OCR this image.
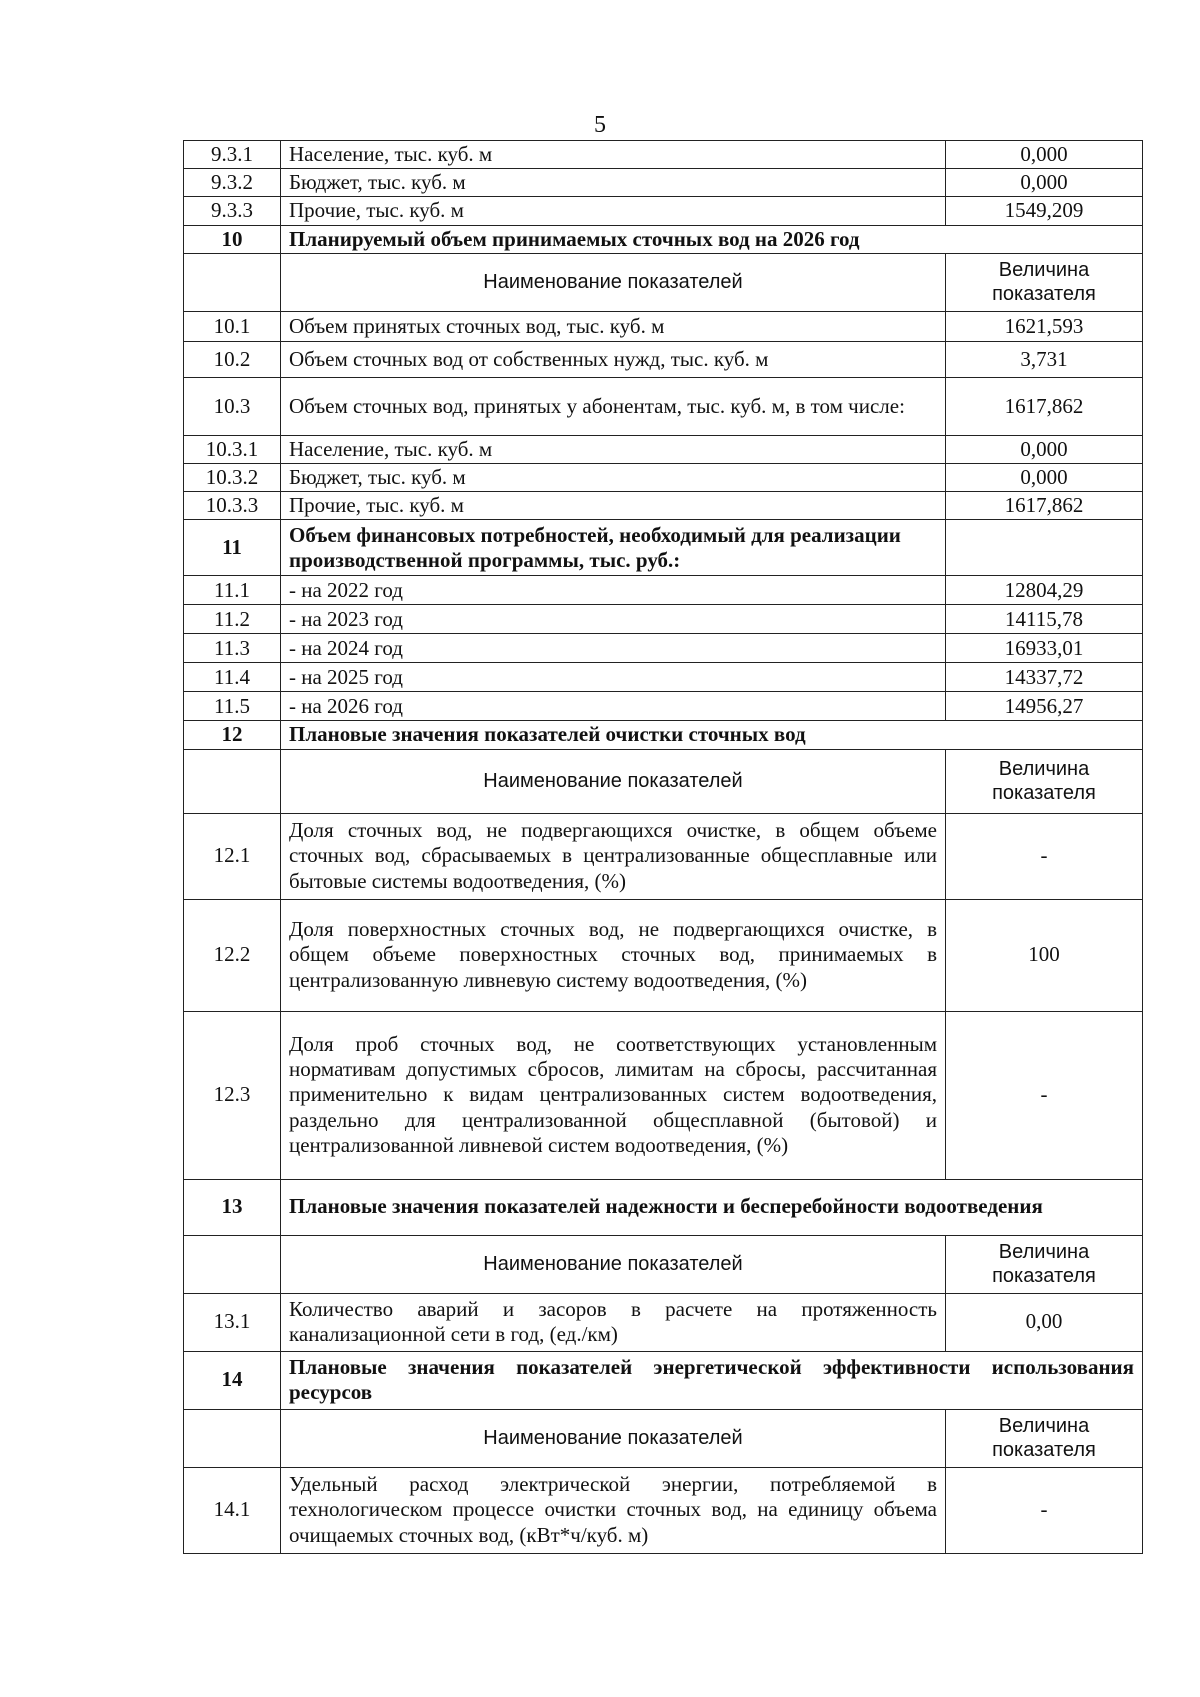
5
9.3.1	Население, тыс. куб. м	0,000
9.3.2	Бюджет, тыс. куб. м	0,000
9.3.3	Прочие, тыс. куб. м	1549,209
10	Планируемый объем принимаемых сточных вод на 2026 год	
	Наименование показателей	Величина показателя
10.1	Объем принятых сточных вод, тыс. куб. м	1621,593
10.2	Объем сточных вод от собственных нужд, тыс. куб. м	3,731
10.3	Объем сточных вод, принятых у абонентам, тыс. куб. м, в том числе:	1617,862
10.3.1	Население, тыс. куб. м	0,000
10.3.2	Бюджет, тыс. куб. м	0,000
10.3.3	Прочие, тыс. куб. м	1617,862
11	Объем финансовых потребностей, необходимый для реализации производственной программы, тыс. руб.:	
11.1	- на 2022 год	12804,29
11.2	- на 2023 год	14115,78
11.3	- на 2024 год	16933,01
11.4	- на 2025 год	14337,72
11.5	- на 2026 год	14956,27
12	Плановые значения показателей очистки сточных вод	
	Наименование показателей	Величина показателя
12.1	Доля сточных вод, не подвергающихся очистке, в общем объеме сточных вод, сбрасываемых в централизованные общесплавные или бытовые системы водоотведения, (%)	-
12.2	Доля поверхностных сточных вод, не подвергающихся очистке, в общем объеме поверхностных сточных вод, принимаемых в централизованную ливневую систему водоотведения, (%)	100
12.3	Доля проб сточных вод, не соответствующих установленным нормативам допустимых сбросов, лимитам на сбросы, рассчитанная применительно к видам централизованных систем водоотведения, раздельно для централизованной общесплавной (бытовой) и централизованной ливневой систем водоотведения, (%)	-
13	Плановые значения показателей надежности и бесперебойности водоотведения	
	Наименование показателей	Величина показателя
13.1	Количество аварий и засоров в расчете на протяженность канализационной сети в год, (ед./км)	0,00
14	Плановые значения показателей энергетической эффективности использования ресурсов	
	Наименование показателей	Величина показателя
14.1	Удельный расход электрической энергии, потребляемой в технологическом процессе очистки сточных вод, на единицу объема очищаемых сточных вод, (кВт*ч/куб. м)	-
